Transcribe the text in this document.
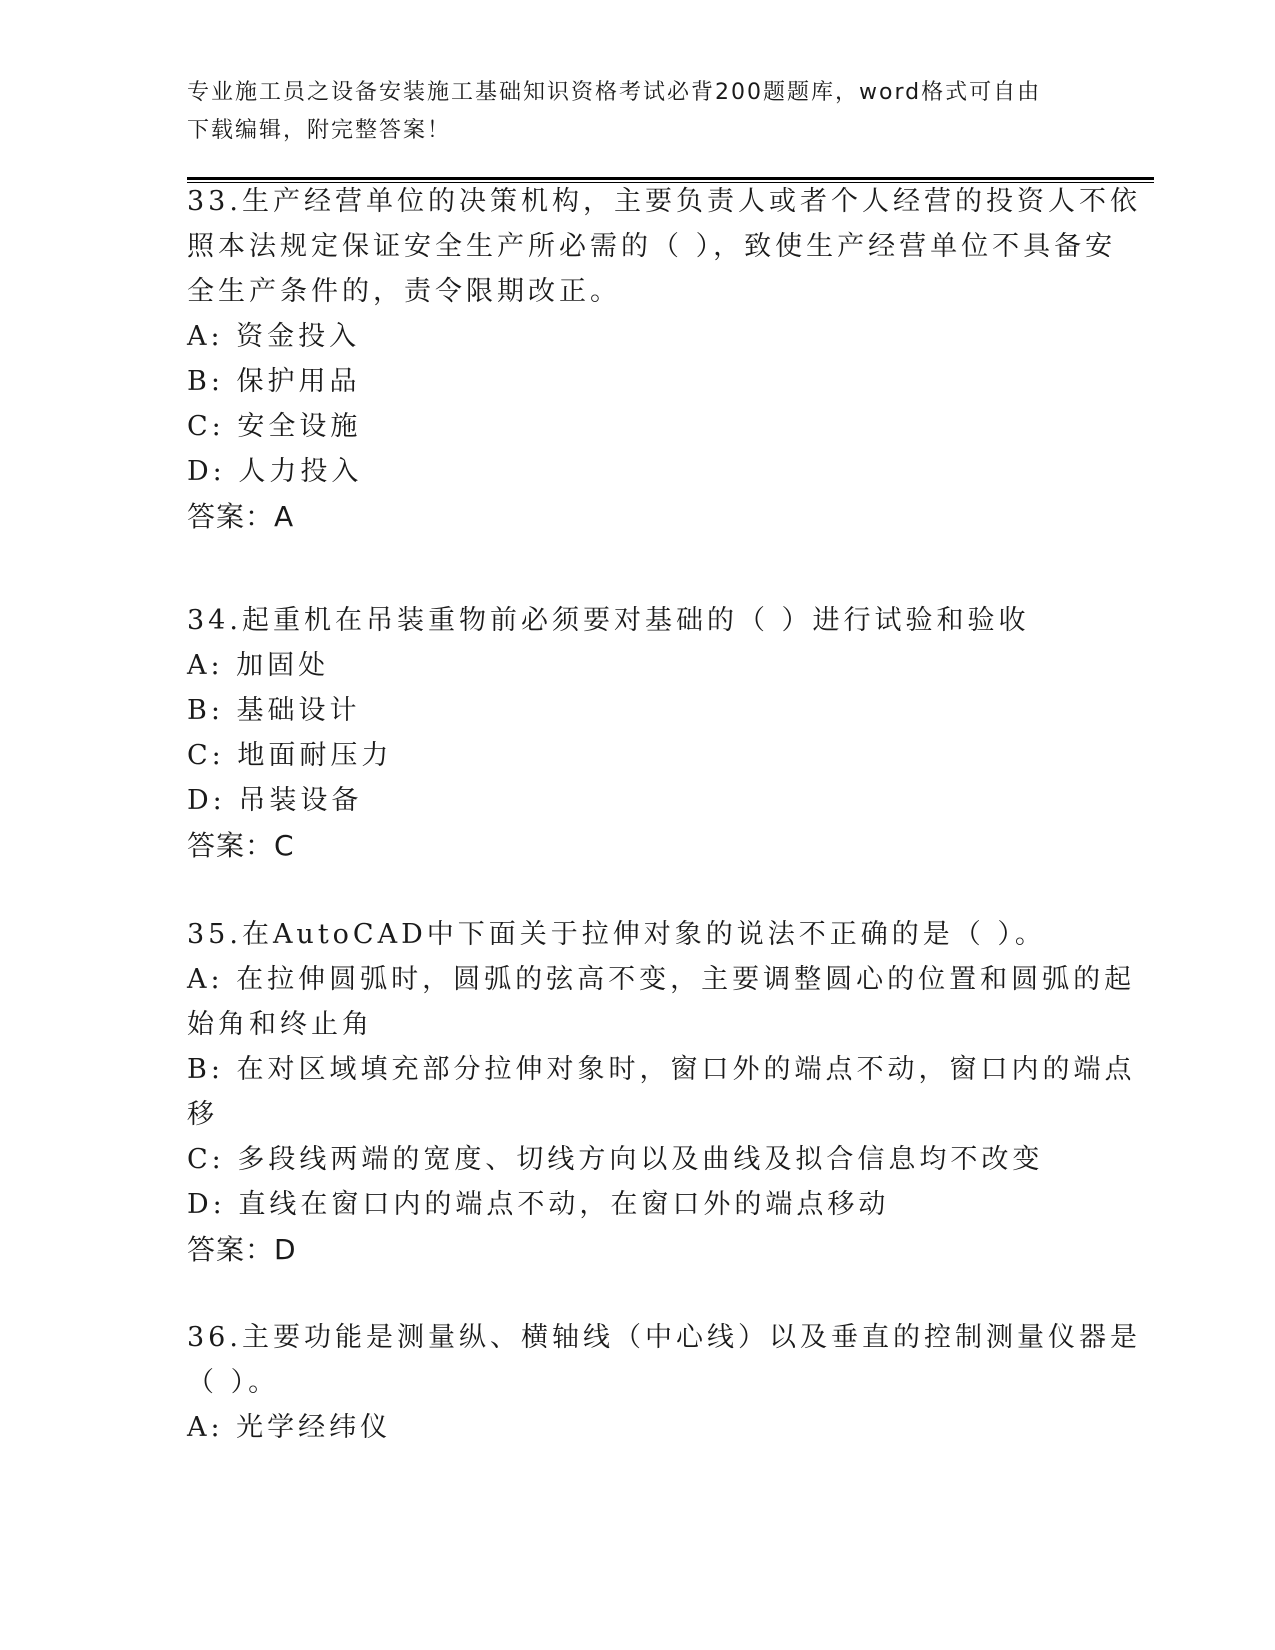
专业施工员之设备安装施工基础知识资格考试必背200题题库，word格式可自由
下载编辑，附完整答案！
33.生产经营单位的决策机构，主要负责人或者个人经营的投资人不依
照本法规定保证安全生产所必需的（ ），致使生产经营单位不具备安
全生产条件的，责令限期改正。
A: 资金投入
B: 保护用品
C: 安全设施
D: 人力投入
答案：A
34.起重机在吊装重物前必须要对基础的（ ）进行试验和验收
A: 加固处
B: 基础设计
C: 地面耐压力
D: 吊装设备
答案：C
35.在AutoCAD中下面关于拉伸对象的说法不正确的是（ ）。
A: 在拉伸圆弧时，圆弧的弦高不变，主要调整圆心的位置和圆弧的起
始角和终止角
B: 在对区域填充部分拉伸对象时，窗口外的端点不动，窗口内的端点
移
C: 多段线两端的宽度、切线方向以及曲线及拟合信息均不改变
D: 直线在窗口内的端点不动，在窗口外的端点移动
答案：D
36.主要功能是测量纵、横轴线（中心线）以及垂直的控制测量仪器是
（ ）。
A: 光学经纬仪
